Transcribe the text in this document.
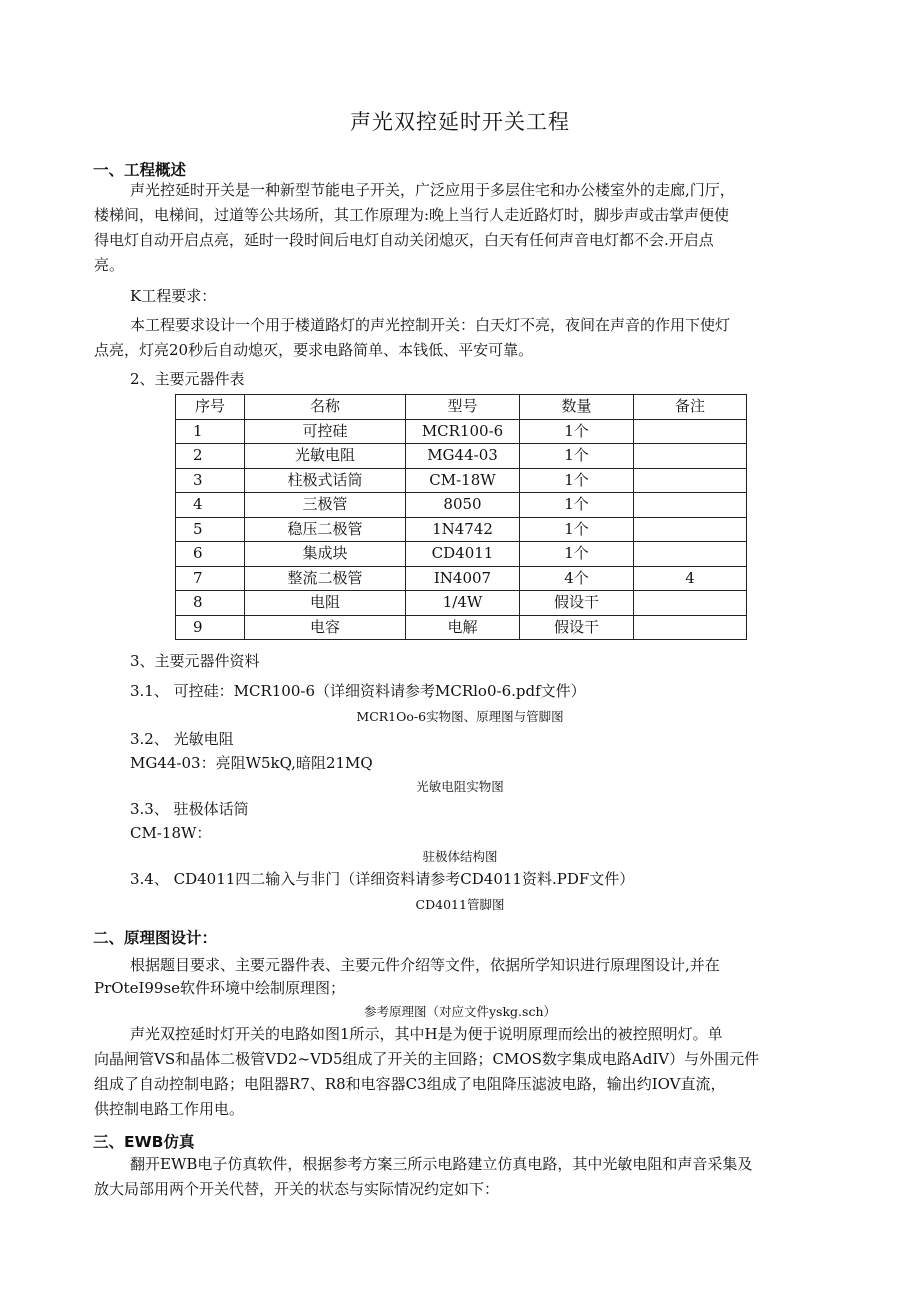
声光双控延时开关工程
一、工程概述
声光控延时开关是一种新型节能电子开关，广泛应用于多层住宅和办公楼室外的走廊,门厅，
楼梯间，电梯间，过道等公共场所，其工作原理为:晚上当行人走近路灯时，脚步声或击掌声便使
得电灯自动开启点亮，延时一段时间后电灯自动关闭熄灭，白天有任何声音电灯都不会.开启点
亮。
K工程要求：
本工程要求设计一个用于楼道路灯的声光控制开关：白天灯不亮，夜间在声音的作用下使灯
点亮，灯亮20秒后自动熄灭，要求电路简单、本钱低、平安可靠。
2、主要元器件表
序号	名称	型号	数量	备注
1	可控硅	MCR100-6	1个	
2	光敏电阻	MG44-03	1个	
3	柱极式话筒	CM-18W	1个	
4	三极管	8050	1个	
5	稳压二极管	1N4742	1个	
6	集成块	CD4011	1个	
7	整流二极管	IN4007	4个	4
8	电阻	1/4W	假设干	
9	电容	电解	假设干	
3、主要元器件资料
3.1、 可控硅：MCR100-6（详细资料请参考MCRlo0-6.pdf文件）
MCR1Oo-6实物图、原理图与管脚图
3.2、 光敏电阻
MG44-03：亮阻W5kQ,暗阻21MQ
光敏电阻实物图
3.3、 驻极体话筒
CM-18W：
驻极体结构图
3.4、 CD4011四二输入与非门（详细资料请参考CD4011资料.PDF文件）
CD4011管脚图
二、原理图设计：
根据题目要求、主要元器件表、主要元件介绍等文件，依据所学知识进行原理图设计,并在
PrOteI99se软件环境中绘制原理图；
参考原理图（对应文件yskg.sch）
声光双控延时灯开关的电路如图1所示，其中H是为便于说明原理而绘出的被控照明灯。单
向晶闸管VS和晶体二极管VD2~VD5组成了开关的主回路；CMOS数字集成电路AdIV）与外围元件
组成了自动控制电路；电阻器R7、R8和电容器C3组成了电阻降压滤波电路，输出约IOV直流，
供控制电路工作用电。
三、EWB仿真
翻开EWB电子仿真软件，根据参考方案三所示电路建立仿真电路，其中光敏电阻和声音采集及
放大局部用两个开关代替，开关的状态与实际情况约定如下：
